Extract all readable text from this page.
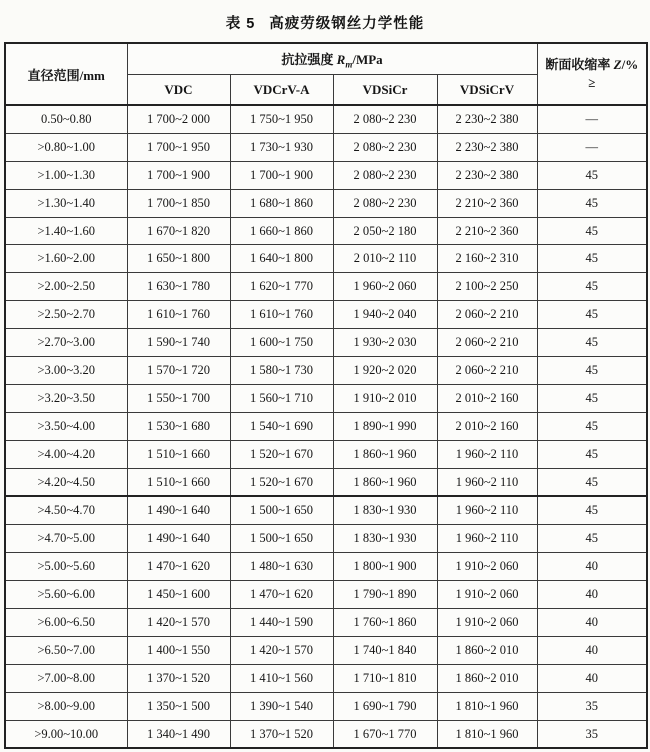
表 5 高疲劳级钢丝力学性能
直径范围/mm	抗拉强度 $R_m$/MPa				断面收缩率 Z/%
≥
	VDC	VDCrV-A	VDSiCr	VDSiCrV	
0.50~0.80	1 700~2 000	1 750~1 950	2 080~2 230	2 230~2 380	—
>0.80~1.00	1 700~1 950	1 730~1 930	2 080~2 230	2 230~2 380	—
>1.00~1.30	1 700~1 900	1 700~1 900	2 080~2 230	2 230~2 380	45
>1.30~1.40	1 700~1 850	1 680~1 860	2 080~2 230	2 210~2 360	45
>1.40~1.60	1 670~1 820	1 660~1 860	2 050~2 180	2 210~2 360	45
>1.60~2.00	1 650~1 800	1 640~1 800	2 010~2 110	2 160~2 310	45
>2.00~2.50	1 630~1 780	1 620~1 770	1 960~2 060	2 100~2 250	45
>2.50~2.70	1 610~1 760	1 610~1 760	1 940~2 040	2 060~2 210	45
>2.70~3.00	1 590~1 740	1 600~1 750	1 930~2 030	2 060~2 210	45
>3.00~3.20	1 570~1 720	1 580~1 730	1 920~2 020	2 060~2 210	45
>3.20~3.50	1 550~1 700	1 560~1 710	1 910~2 010	2 010~2 160	45
>3.50~4.00	1 530~1 680	1 540~1 690	1 890~1 990	2 010~2 160	45
>4.00~4.20	1 510~1 660	1 520~1 670	1 860~1 960	1 960~2 110	45
>4.20~4.50	1 510~1 660	1 520~1 670	1 860~1 960	1 960~2 110	45
>4.50~4.70	1 490~1 640	1 500~1 650	1 830~1 930	1 960~2 110	45
>4.70~5.00	1 490~1 640	1 500~1 650	1 830~1 930	1 960~2 110	45
>5.00~5.60	1 470~1 620	1 480~1 630	1 800~1 900	1 910~2 060	40
>5.60~6.00	1 450~1 600	1 470~1 620	1 790~1 890	1 910~2 060	40
>6.00~6.50	1 420~1 570	1 440~1 590	1 760~1 860	1 910~2 060	40
>6.50~7.00	1 400~1 550	1 420~1 570	1 740~1 840	1 860~2 010	40
>7.00~8.00	1 370~1 520	1 410~1 560	1 710~1 810	1 860~2 010	40
>8.00~9.00	1 350~1 500	1 390~1 540	1 690~1 790	1 810~1 960	35
>9.00~10.00	1 340~1 490	1 370~1 520	1 670~1 770	1 810~1 960	35
